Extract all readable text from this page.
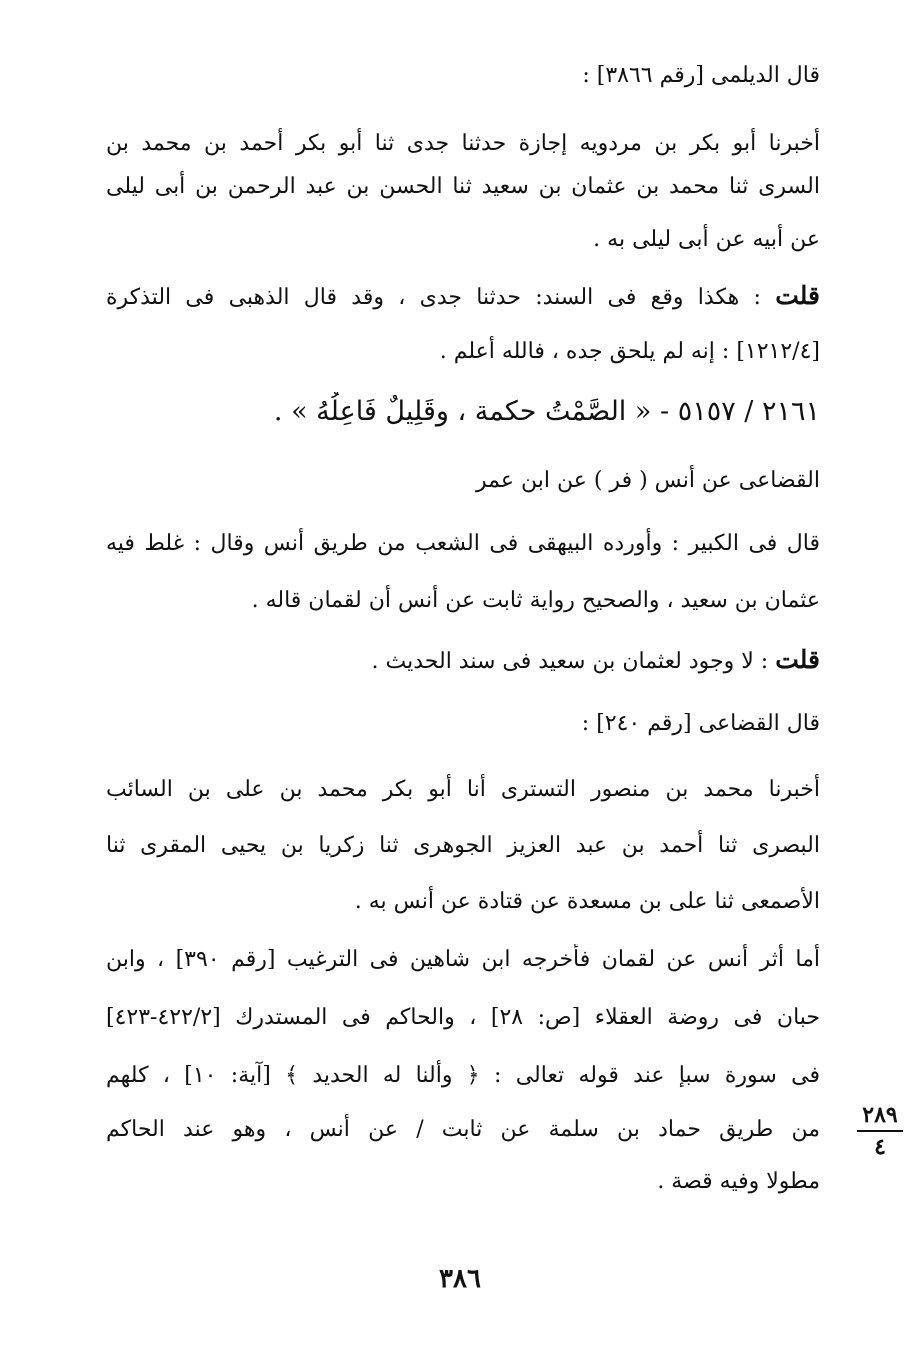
قال الديلمى [رقم ٣٨٦٦] :
أخبرنا أبو بكر بن مردويه إجازة حدثنا جدى ثنا أبو بكر أحمد بن محمد بن
السرى ثنا محمد بن عثمان بن سعيد ثنا الحسن بن عبد الرحمن بن أبى ليلى
عن أبيه عن أبى ليلى به .
قلت : هكذا وقع فى السند: حدثنا جدى ، وقد قال الذهبى فى التذكرة
[١٢١٢/٤] : إنه لم يلحق جده ، فالله أعلم .
٢١٦١ / ٥١٥٧ - « الصَّمْتُ حكمة ، وقَلِيلٌ فَاعِلُهُ » .
القضاعى عن أنس ( فر ) عن ابن عمر
قال فى الكبير : وأورده البيهقى فى الشعب من طريق أنس وقال : غلط فيه
عثمان بن سعيد ، والصحيح رواية ثابت عن أنس أن لقمان قاله .
قلت : لا وجود لعثمان بن سعيد فى سند الحديث .
قال القضاعى [رقم ٢٤٠] :
أخبرنا محمد بن منصور التسترى أنا أبو بكر محمد بن على بن السائب
البصرى ثنا أحمد بن عبد العزيز الجوهرى ثنا زكريا بن يحيى المقرى ثنا
الأصمعى ثنا على بن مسعدة عن قتادة عن أنس به .
أما أثر أنس عن لقمان فأخرجه ابن شاهين فى الترغيب [رقم ٣٩٠] ، وابن
حبان فى روضة العقلاء [ص: ٢٨] ، والحاكم فى المستدرك [٤٢٢/٢-٤٢٣]
فى سورة سبإ عند قوله تعالى : ﴿ وألنا له الحديد ﴾ [آية: ١٠] ، كلهم
من طريق حماد بن سلمة عن ثابت / عن أنس ، وهو عند الحاكم
مطولا وفيه قصة .
٢٨٩
٤
٣٨٦
